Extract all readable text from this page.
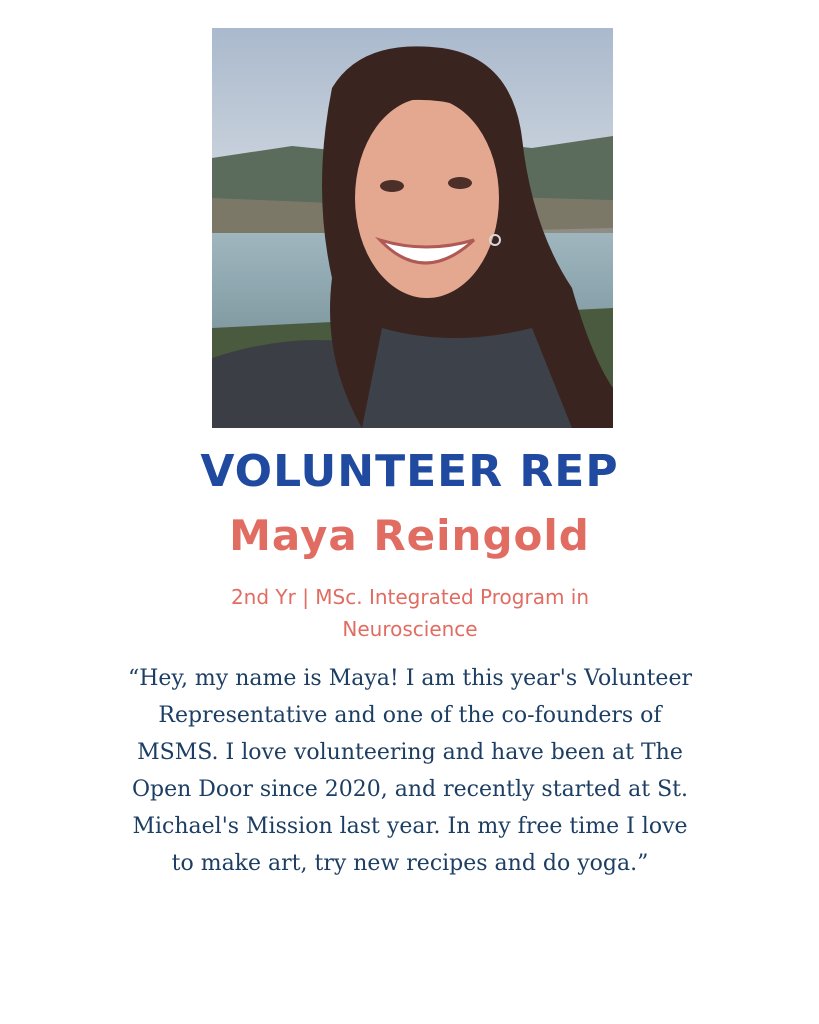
VOLUNTEER REP
Maya Reingold
2nd Yr | MSc. Integrated Program in
Neuroscience
“Hey, my name is Maya! I am this year's Volunteer
Representative and one of the co-founders of
MSMS. I love volunteering and have been at The
Open Door since 2020, and recently started at St.
Michael's Mission last year. In my free time I love
to make art, try new recipes and do yoga.”
